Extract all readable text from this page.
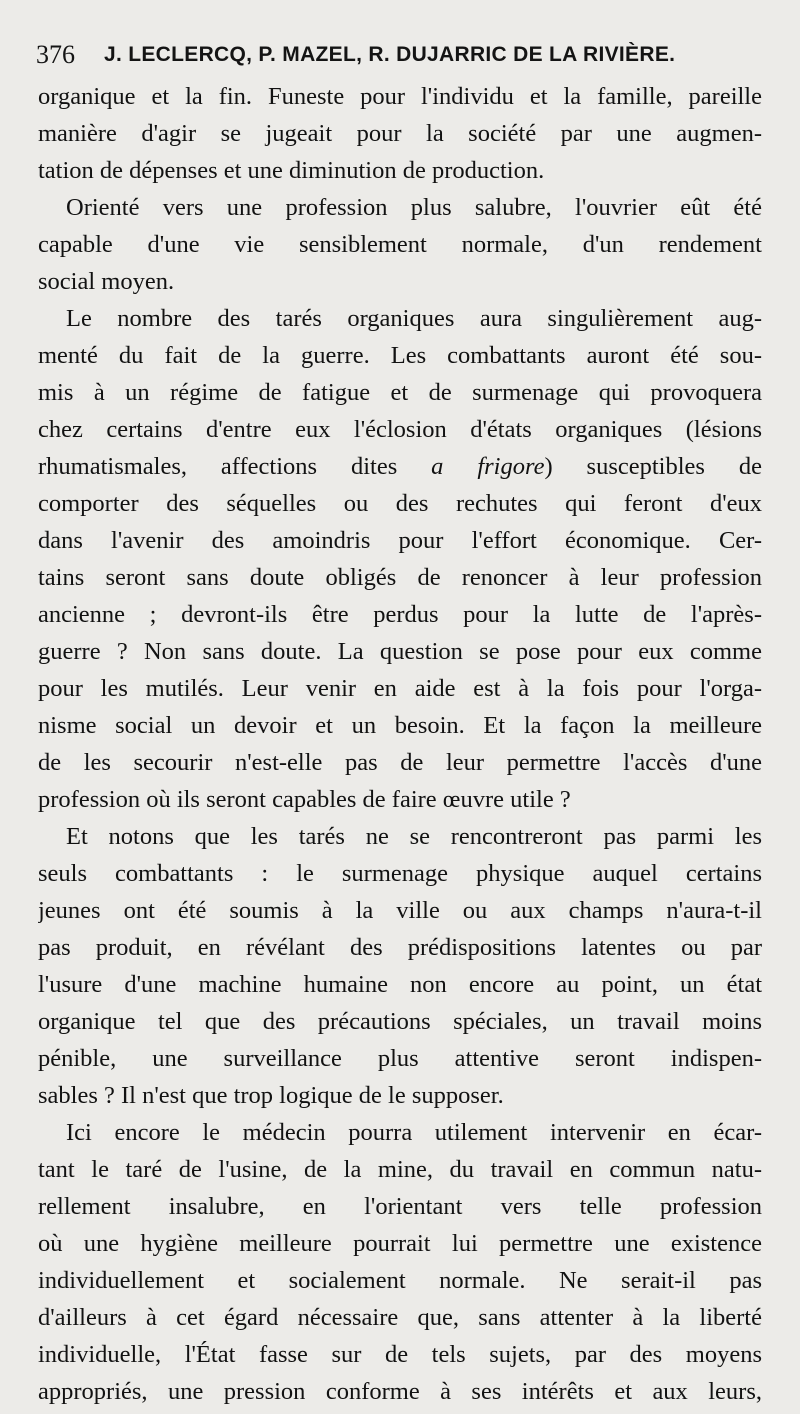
376 J. LECLERCQ, P. MAZEL, R. DUJARRIC DE LA RIVIÈRE.
organique et la fin. Funeste pour l'individu et la famille, pareille
manière d'agir se jugeait pour la société par une augmen-
tation de dépenses et une diminution de production.
Orienté vers une profession plus salubre, l'ouvrier eût été
capable d'une vie sensiblement normale, d'un rendement
social moyen.
Le nombre des tarés organiques aura singulièrement aug-
menté du fait de la guerre. Les combattants auront été sou-
mis à un régime de fatigue et de surmenage qui provoquera
chez certains d'entre eux l'éclosion d'états organiques (lésions
rhumatismales, affections dites a frigore) susceptibles de
comporter des séquelles ou des rechutes qui feront d'eux
dans l'avenir des amoindris pour l'effort économique. Cer-
tains seront sans doute obligés de renoncer à leur profession
ancienne ; devront-ils être perdus pour la lutte de l'après-
guerre ? Non sans doute. La question se pose pour eux comme
pour les mutilés. Leur venir en aide est à la fois pour l'orga-
nisme social un devoir et un besoin. Et la façon la meilleure
de les secourir n'est-elle pas de leur permettre l'accès d'une
profession où ils seront capables de faire œuvre utile ?
Et notons que les tarés ne se rencontreront pas parmi les
seuls combattants : le surmenage physique auquel certains
jeunes ont été soumis à la ville ou aux champs n'aura-t-il
pas produit, en révélant des prédispositions latentes ou par
l'usure d'une machine humaine non encore au point, un état
organique tel que des précautions spéciales, un travail moins
pénible, une surveillance plus attentive seront indispen-
sables ? Il n'est que trop logique de le supposer.
Ici encore le médecin pourra utilement intervenir en écar-
tant le taré de l'usine, de la mine, du travail en commun natu-
rellement insalubre, en l'orientant vers telle profession
où une hygiène meilleure pourrait lui permettre une existence
individuellement et socialement normale. Ne serait-il pas
d'ailleurs à cet égard nécessaire que, sans attenter à la liberté
individuelle, l'État fasse sur de tels sujets, par des moyens
appropriés, une pression conforme à ses intérêts et aux leurs,
